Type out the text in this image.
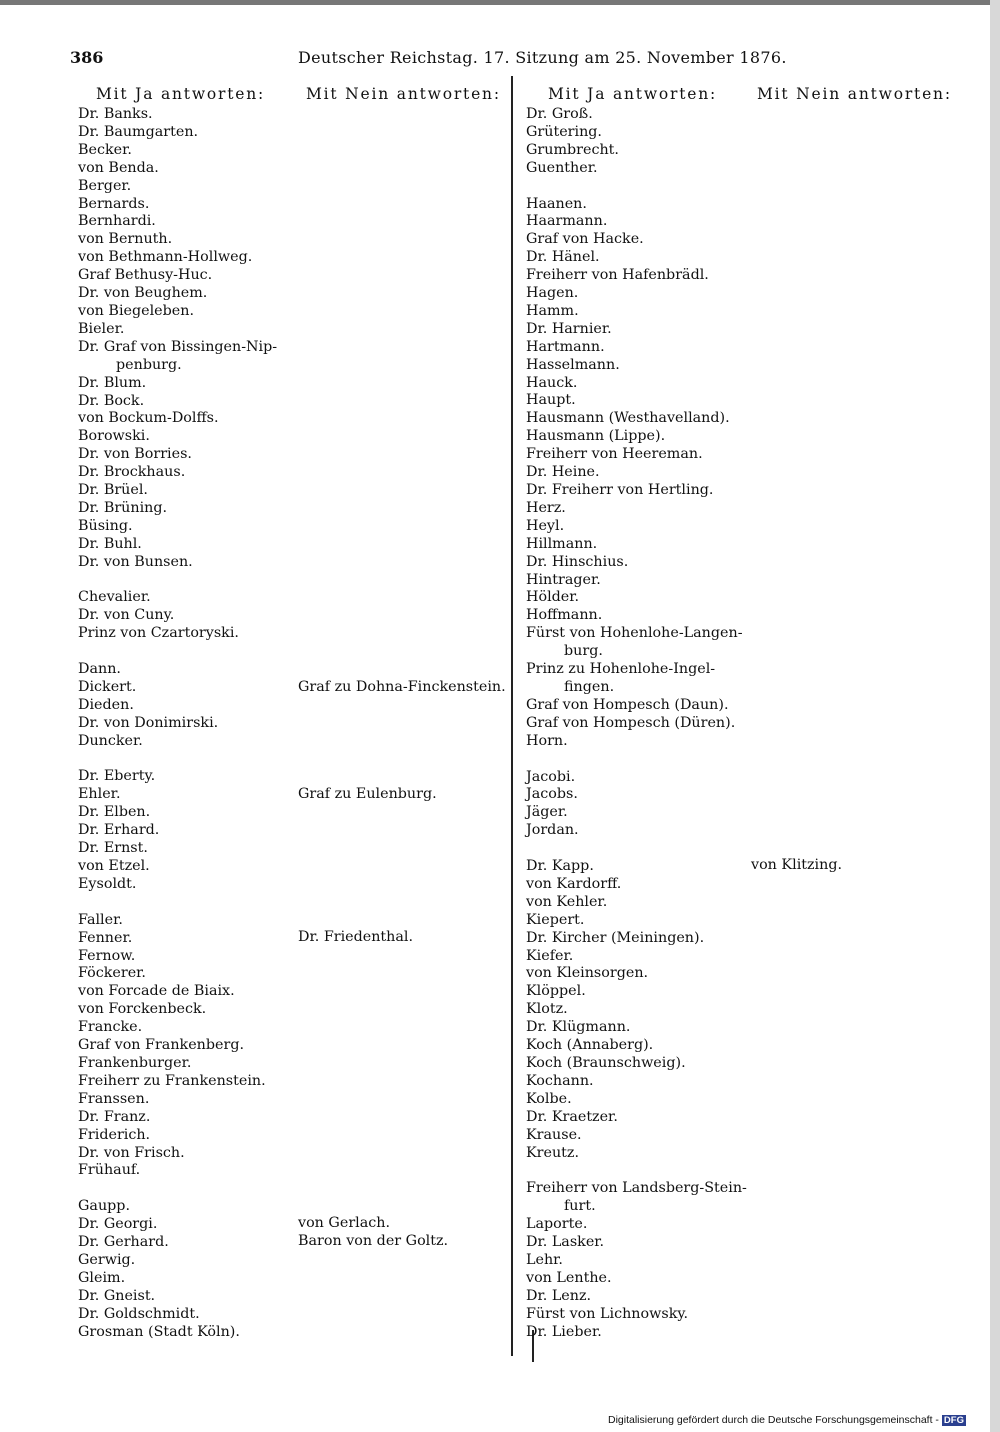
386	Deutscher Reichstag. 17. Sitzung am 25. November 1876.
Mit Ja antworten:
Dr. Banks.
Dr. Baumgarten.
Becker.
von Benda.
Berger.
Bernards.
Bernhardi.
von Bernuth.
von Bethmann-Hollweg.
Graf Bethusy-Huc.
Dr. von Beughem.
von Biegeleben.
Bieler.
Dr. Graf von Bissingen-Nip-
penburg.
Dr. Blum.
Dr. Bock.
von Bockum-Dolffs.
Borowski.
Dr. von Borries.
Dr. Brockhaus.
Dr. Brüel.
Dr. Brüning.
Büsing.
Dr. Buhl.
Dr. von Bunsen.
Chevalier.
Dr. von Cuny.
Prinz von Czartoryski.
Dann.
Dickert.
Dieden.
Dr. von Donimirski.
Duncker.
Dr. Eberty.
Ehler.
Dr. Elben.
Dr. Erhard.
Dr. Ernst.
von Etzel.
Eysoldt.
Faller.
Fenner.
Fernow.
Föckerer.
von Forcade de Biaix.
von Forckenbeck.
Francke.
Graf von Frankenberg.
Frankenburger.
Freiherr zu Frankenstein.
Franssen.
Dr. Franz.
Friderich.
Dr. von Frisch.
Frühauf.
Gaupp.
Dr. Georgi.
Dr. Gerhard.
Gerwig.
Gleim.
Dr. Gneist.
Dr. Goldschmidt.
Grosman (Stadt Köln).
Mit Nein antworten:
Graf zu Dohna-Finckenstein.
Graf zu Eulenburg.
Dr. Friedenthal.
von Gerlach.
Baron von der Goltz.
Mit Ja antworten:
Dr. Groß.
Grütering.
Grumbrecht.
Guenther.
Haanen.
Haarmann.
Graf von Hacke.
Dr. Hänel.
Freiherr von Hafenbrädl.
Hagen.
Hamm.
Dr. Harnier.
Hartmann.
Hasselmann.
Hauck.
Haupt.
Hausmann (Westhavelland).
Hausmann (Lippe).
Freiherr von Heereman.
Dr. Heine.
Dr. Freiherr von Hertling.
Herz.
Heyl.
Hillmann.
Dr. Hinschius.
Hintrager.
Hölder.
Hoffmann.
Fürst von Hohenlohe-Langen-
burg.
Prinz zu Hohenlohe-Ingel-
fingen.
Graf von Hompesch (Daun).
Graf von Hompesch (Düren).
Horn.
Jacobi.
Jacobs.
Jäger.
Jordan.
Dr. Kapp.
von Kardorff.
von Kehler.
Kiepert.
Dr. Kircher (Meiningen).
Kiefer.
von Kleinsorgen.
Klöppel.
Klotz.
Dr. Klügmann.
Koch (Annaberg).
Koch (Braunschweig).
Kochann.
Kolbe.
Dr. Kraetzer.
Krause.
Kreutz.
Freiherr von Landsberg-Stein-
furt.
Laporte.
Dr. Lasker.
Lehr.
von Lenthe.
Dr. Lenz.
Fürst von Lichnowsky.
Dr. Lieber.
Mit Nein antworten:
von Klitzing.
Digitalisierung gefördert durch die Deutsche Forschungsgemeinschaft - DFG
